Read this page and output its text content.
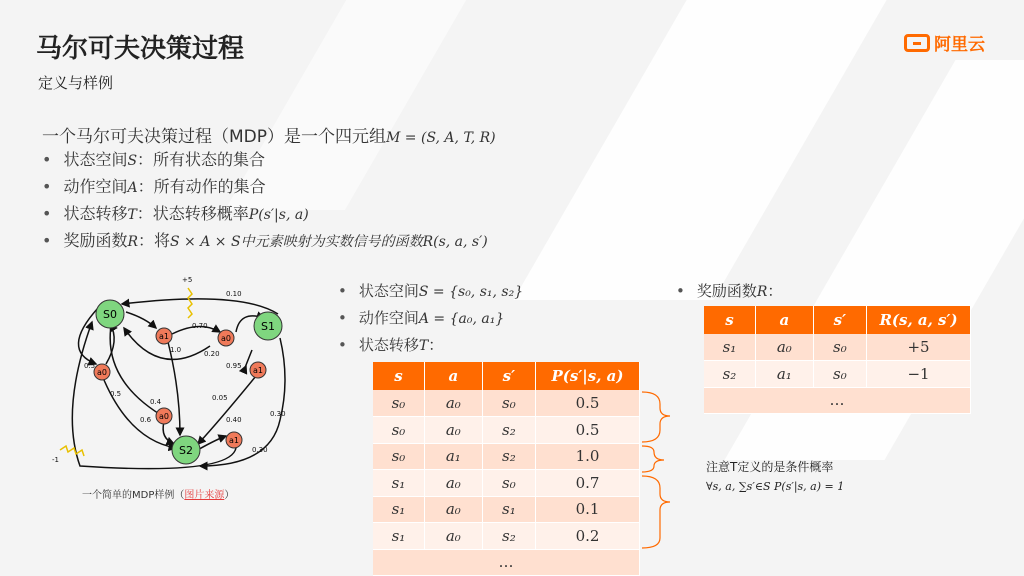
马尔可夫决策过程
定义与样例
阿里云
一个马尔可夫决策过程（MDP）是一个四元组M = (S, A, T, R)
• 状态空间S：所有状态的集合
• 动作空间A：所有动作的集合
• 状态转移T：状态转移概率P(s′|s, a)
• 奖励函数R：将S × A × S中元素映射为实数信号的函数R(s, a, s′)
S0
S1
S2
a1	a0
a0	a1
a0
a1
+5
0.10
0.70
1.0	0.20
0.95
0.5
0.5	0.05
0.4
0.6	0.40
0.30
0.30
-1
一个简单的MDP样例（图片来源）
• 状态空间S = {s₀, s₁, s₂}
• 动作空间A = {a₀, a₁}
• 状态转移T：
• 奖励函数R：
s	a	s′	P(s′|s, a)
s₀	a₀	s₀	0.5
s₀	a₀	s₂	0.5
s₀	a₁	s₂	1.0
s₁	a₀	s₀	0.7
s₁	a₀	s₁	0.1
s₁	a₀	s₂	0.2
…			
s	a	s′	R(s, a, s′)
s₁	a₀	s₀	+5
s₂	a₁	s₀	−1
…			
注意T定义的是条件概率
∀s, a, ∑s′∈S P(s′|s, a) = 1
